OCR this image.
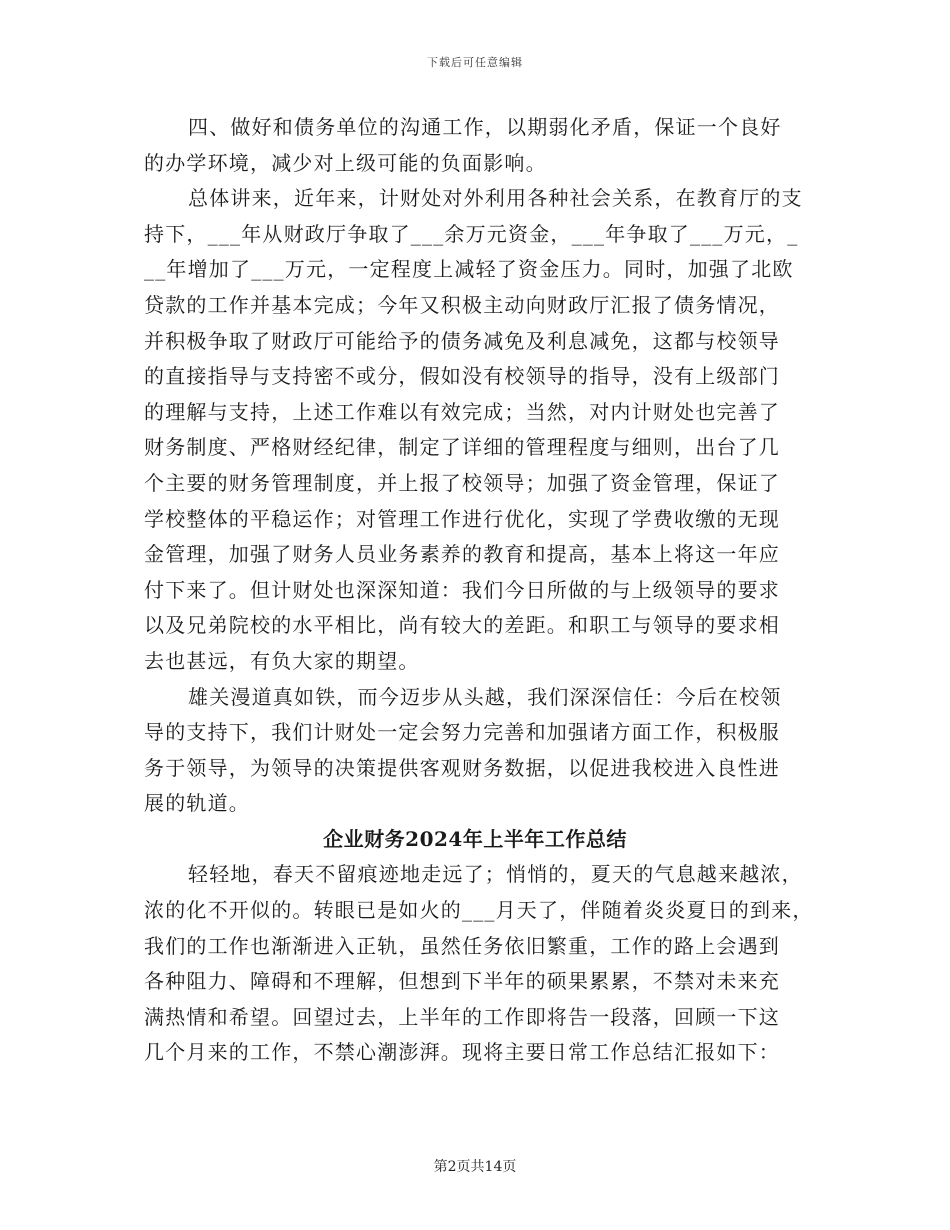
下载后可任意编辑
四、做好和债务单位的沟通工作，以期弱化矛盾，保证一个良好
的办学环境，减少对上级可能的负面影响。
总体讲来，近年来，计财处对外利用各种社会关系，在教育厅的支
持下，___年从财政厅争取了___余万元资金，___年争取了___万元，_
__年增加了___万元，一定程度上减轻了资金压力。同时，加强了北欧
贷款的工作并基本完成；今年又积极主动向财政厅汇报了债务情况，
并积极争取了财政厅可能给予的债务减免及利息减免，这都与校领导
的直接指导与支持密不或分，假如没有校领导的指导，没有上级部门
的理解与支持，上述工作难以有效完成；当然，对内计财处也完善了
财务制度、严格财经纪律，制定了详细的管理程度与细则，出台了几
个主要的财务管理制度，并上报了校领导；加强了资金管理，保证了
学校整体的平稳运作；对管理工作进行优化，实现了学费收缴的无现
金管理，加强了财务人员业务素养的教育和提高，基本上将这一年应
付下来了。但计财处也深深知道：我们今日所做的与上级领导的要求
以及兄弟院校的水平相比，尚有较大的差距。和职工与领导的要求相
去也甚远，有负大家的期望。
雄关漫道真如铁，而今迈步从头越，我们深深信任：今后在校领
导的支持下，我们计财处一定会努力完善和加强诸方面工作，积极服
务于领导，为领导的决策提供客观财务数据，以促进我校进入良性进
展的轨道。
企业财务2024年上半年工作总结
轻轻地，春天不留痕迹地走远了；悄悄的，夏天的气息越来越浓，
浓的化不开似的。转眼已是如火的___月天了，伴随着炎炎夏日的到来，
我们的工作也渐渐进入正轨，虽然任务依旧繁重，工作的路上会遇到
各种阻力、障碍和不理解，但想到下半年的硕果累累，不禁对未来充
满热情和希望。回望过去，上半年的工作即将告一段落，回顾一下这
几个月来的工作，不禁心潮澎湃。现将主要日常工作总结汇报如下：
第2页共14页
